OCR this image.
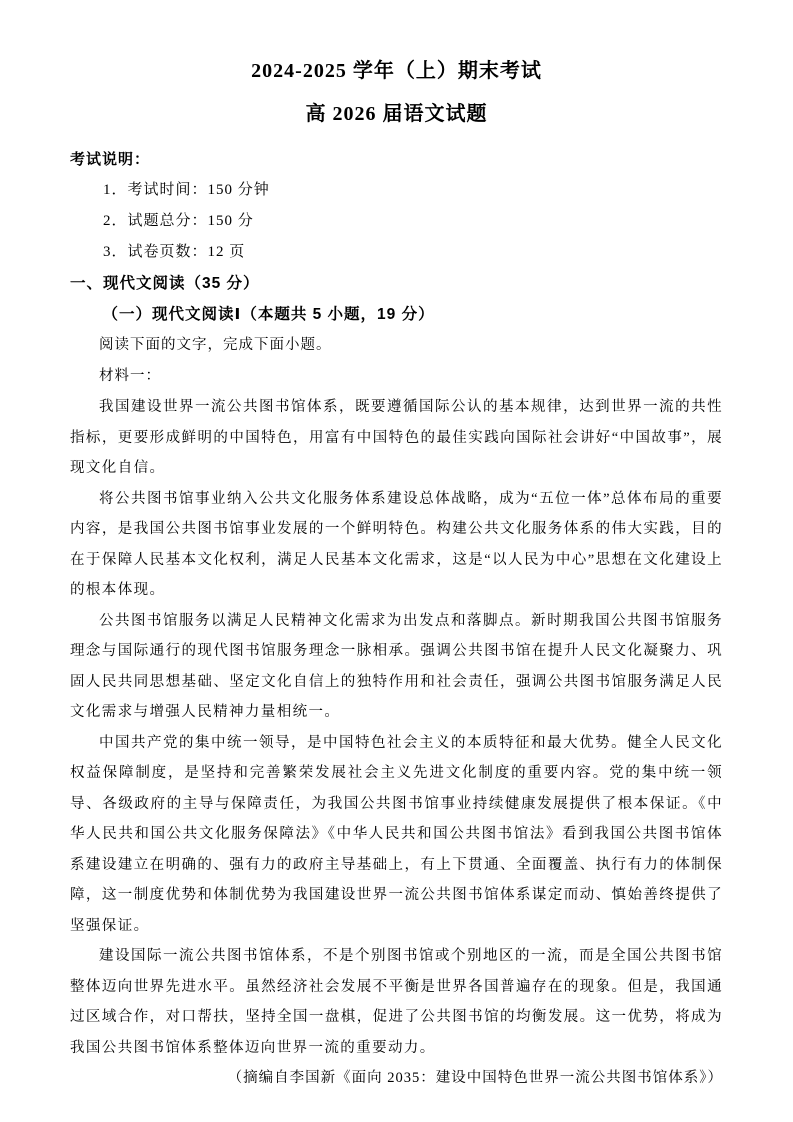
2024-2025 学年（上）期末考试
高 2026 届语文试题
考试说明：
1．考试时间：150 分钟
2．试题总分：150 分
3．试卷页数：12 页
一、现代文阅读（35 分）
（一）现代文阅读Ⅰ（本题共 5 小题，19 分）
阅读下面的文字，完成下面小题。
材料一：

我国建设世界一流公共图书馆体系，既要遵循国际公认的基本规律，达到世界一流的共性指标，更要形成鲜明的中国特色，用富有中国特色的最佳实践向国际社会讲好“中国故事”，展现文化自信。

将公共图书馆事业纳入公共文化服务体系建设总体战略，成为“五位一体”总体布局的重要内容，是我国公共图书馆事业发展的一个鲜明特色。构建公共文化服务体系的伟大实践，目的在于保障人民基本文化权利，满足人民基本文化需求，这是“以人民为中心”思想在文化建设上的根本体现。

公共图书馆服务以满足人民精神文化需求为出发点和落脚点。新时期我国公共图书馆服务理念与国际通行的现代图书馆服务理念一脉相承。强调公共图书馆在提升人民文化凝聚力、巩固人民共同思想基础、坚定文化自信上的独特作用和社会责任，强调公共图书馆服务满足人民文化需求与增强人民精神力量相统一。

中国共产党的集中统一领导，是中国特色社会主义的本质特征和最大优势。健全人民文化权益保障制度，是坚持和完善繁荣发展社会主义先进文化制度的重要内容。党的集中统一领导、各级政府的主导与保障责任，为我国公共图书馆事业持续健康发展提供了根本保证。《中华人民共和国公共文化服务保障法》《中华人民共和国公共图书馆法》看到我国公共图书馆体系建设建立在明确的、强有力的政府主导基础上，有上下贯通、全面覆盖、执行有力的体制保障，这一制度优势和体制优势为我国建设世界一流公共图书馆体系谋定而动、慎始善终提供了坚强保证。

建设国际一流公共图书馆体系，不是个别图书馆或个别地区的一流，而是全国公共图书馆整体迈向世界先进水平。虽然经济社会发展不平衡是世界各国普遍存在的现象。但是，我国通过区域合作，对口帮扶，坚持全国一盘棋，促进了公共图书馆的均衡发展。这一优势，将成为我国公共图书馆体系整体迈向世界一流的重要动力。

（摘编自李国新《面向 2035：建设中国特色世界一流公共图书馆体系》）
